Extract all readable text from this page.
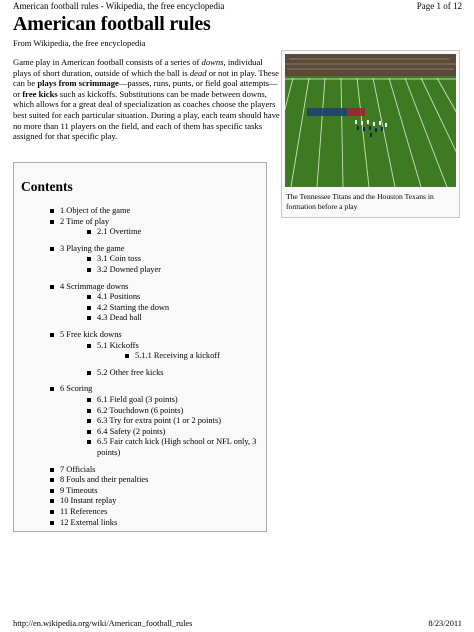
American football rules - Wikipedia, the free encyclopedia	Page 1 of 12
American football rules
From Wikipedia, the free encyclopedia
Game play in American football consists of a series of downs, individual plays of short duration, outside of which the ball is dead or not in play. These can be plays from scrimmage—passes, runs, punts, or field goal attempts—or free kicks such as kickoffs. Substitutions can be made between downs, which allows for a great deal of specialization as coaches choose the players best suited for each particular situation. During a play, each team should have no more than 11 players on the field, and each of them has specific tasks assigned for that specific play.
The Tennessee Titans and the Houston Texans in formation before a play
Contents
1 Object of the game
2 Time of play
2.1 Overtime
3 Playing the game
3.1 Coin toss
3.2 Downed player
4 Scrimmage downs
4.1 Positions
4.2 Starting the down
4.3 Dead ball
5 Free kick downs
5.1 Kickoffs
5.1.1 Receiving a kickoff
5.2 Other free kicks
6 Scoring
6.1 Field goal (3 points)
6.2 Touchdown (6 points)
6.3 Try for extra point (1 or 2 points)
6.4 Safety (2 points)
6.5 Fair catch kick (High school or NFL only, 3 points)
7 Officials
8 Fouls and their penalties
9 Timeouts
10 Instant replay
11 References
12 External links
http://en.wikipedia.org/wiki/American_football_rules	8/23/2011
